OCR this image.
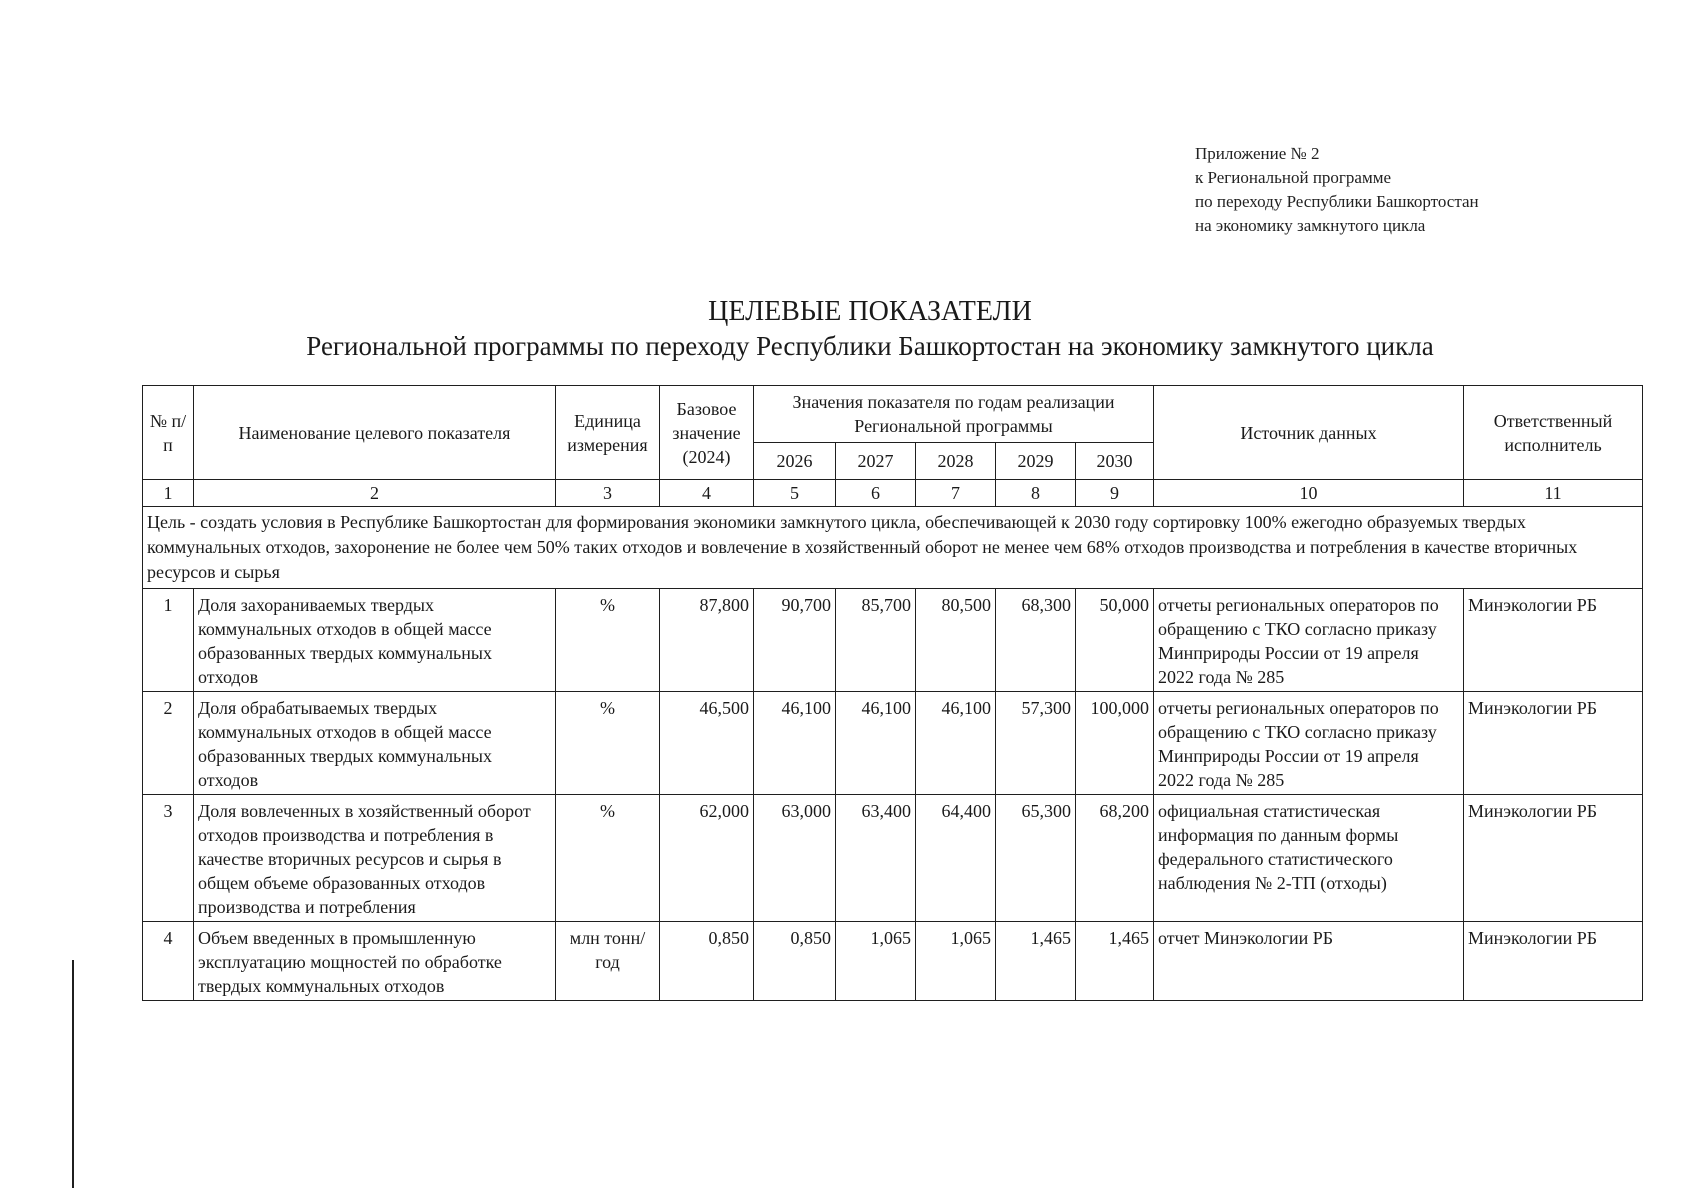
Приложение № 2
к Региональной программе
по переходу Республики Башкортостан
на экономику замкнутого цикла
ЦЕЛЕВЫЕ ПОКАЗАТЕЛИ
Региональной программы по переходу Республики Башкортостан на экономику замкнутого цикла
№ п/п	Наименование целевого показателя	Единица измерения	Базовое значение (2024)	Значения показателя по годам реализации Региональной программы					Источник данных	Ответственный исполнитель
				2026	2027	2028	2029	2030		
1	2	3	4	5	6	7	8	9	10	11
Цель - создать условия в Республике Башкортостан для формирования экономики замкнутого цикла, обеспечивающей к 2030 году сортировку 100% ежегодно образуемых твердых коммунальных отходов, захоронение не более чем 50% таких отходов и вовлечение в хозяйственный оборот не менее чем 68% отходов производства и потребления в качестве вторичных ресурсов и сырья										
1	Доля захораниваемых твердых коммунальных отходов в общей массе образованных твердых коммунальных отходов	%	87,800	90,700	85,700	80,500	68,300	50,000	отчеты региональных операторов по обращению с ТКО согласно приказу Минприроды России от 19 апреля 2022 года № 285	Минэкологии РБ
2	Доля обрабатываемых твердых коммунальных отходов в общей массе образованных твердых коммунальных отходов	%	46,500	46,100	46,100	46,100	57,300	100,000	отчеты региональных операторов по обращению с ТКО согласно приказу Минприроды России от 19 апреля 2022 года № 285	Минэкологии РБ
3	Доля вовлеченных в хозяйственный оборот отходов производства и потребления в качестве вторичных ресурсов и сырья в общем объеме образованных отходов производства и потребления	%	62,000	63,000	63,400	64,400	65,300	68,200	официальная статистическая информация по данным формы федерального статистического наблюдения № 2-ТП (отходы)	Минэкологии РБ
4	Объем введенных в промышленную эксплуатацию мощностей по обработке твердых коммунальных отходов	млн тонн/ год	0,850	0,850	1,065	1,065	1,465	1,465	отчет Минэкологии РБ	Минэкологии РБ
